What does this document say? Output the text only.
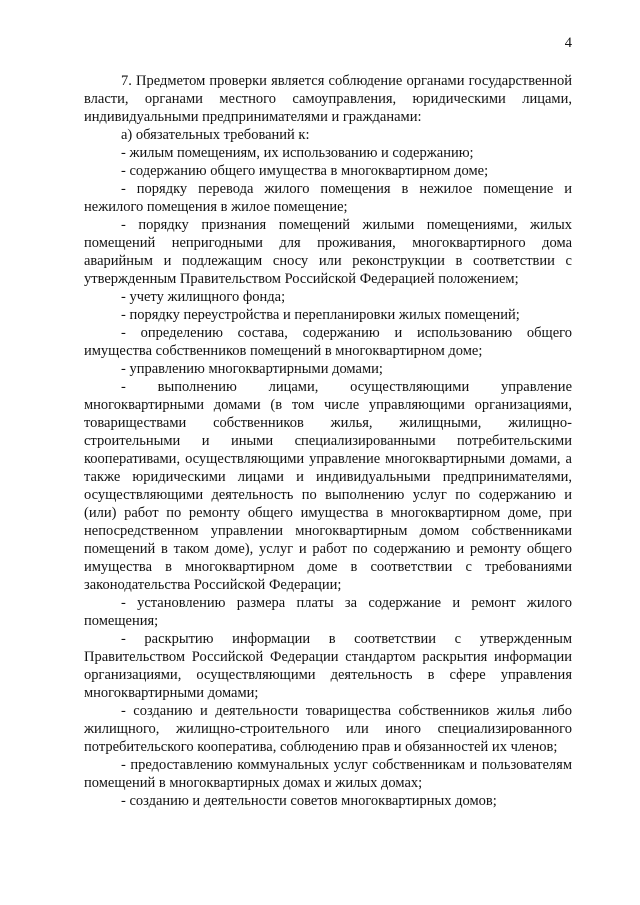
4

7. Предметом проверки является соблюдение органами государственной власти, органами местного самоуправления, юридическими лицами, индивидуальными предпринимателями и гражданами:

а) обязательных требований к:

- жилым помещениям, их использованию и содержанию;

- содержанию общего имущества в многоквартирном доме;

- порядку перевода жилого помещения в нежилое помещение и нежилого помещения в жилое помещение;

- порядку признания помещений жилыми помещениями, жилых помещений непригодными для проживания, многоквартирного дома аварийным и подлежащим сносу или реконструкции в соответствии с утвержденным Правительством Российской Федерацией положением;

- учету жилищного фонда;

- порядку переустройства и перепланировки жилых помещений;

- определению состава, содержанию и использованию общего имущества собственников помещений в многоквартирном доме;

- управлению многоквартирными домами;

- выполнению лицами, осуществляющими управление многоквартирными домами (в том числе управляющими организациями, товариществами собственников жилья, жилищными, жилищно-строительными и иными специализированными потребительскими кооперативами, осуществляющими управление многоквартирными домами, а также юридическими лицами и индивидуальными предпринимателями, осуществляющими деятельность по выполнению услуг по содержанию и (или) работ по ремонту общего имущества в многоквартирном доме, при непосредственном управлении многоквартирным домом собственниками помещений в таком доме), услуг и работ по содержанию и ремонту общего имущества в многоквартирном доме в соответствии с требованиями законодательства Российской Федерации;

- установлению размера платы за содержание и ремонт жилого помещения;

- раскрытию информации в соответствии с утвержденным Правительством Российской Федерации стандартом раскрытия информации организациями, осуществляющими деятельность в сфере управления многоквартирными домами;

- созданию и деятельности товарищества собственников жилья либо жилищного, жилищно-строительного или иного специализированного потребительского кооператива, соблюдению прав и обязанностей их членов;

- предоставлению коммунальных услуг собственникам и пользователям помещений в многоквартирных домах и жилых домах;

- созданию и деятельности советов многоквартирных домов;
